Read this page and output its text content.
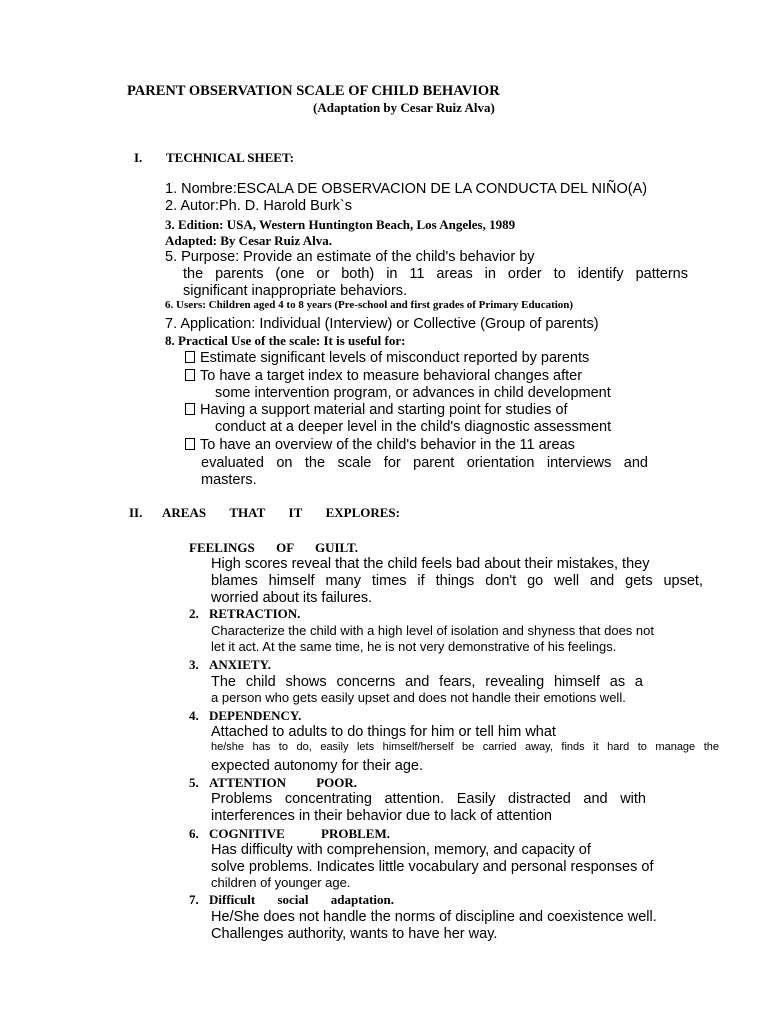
PARENT OBSERVATION SCALE OF CHILD BEHAVIOR
(Adaptation by Cesar Ruiz Alva)
I. TECHNICAL SHEET:
1. Nombre:ESCALA DE OBSERVACION DE LA CONDUCTA DEL NIÑO(A)
2. Autor:Ph. D. Harold Burk`s
3. Edition: USA, Western Huntington Beach, Los Angeles, 1989
Adapted: By Cesar Ruiz Alva.
5. Purpose: Provide an estimate of the child's behavior by
the parents (one or both) in 11 areas in order to identify patterns
significant inappropriate behaviors.
6. Users: Children aged 4 to 8 years (Pre-school and first grades of Primary Education)
7. Application: Individual (Interview) or Collective (Group of parents)
8. Practical Use of the scale: It is useful for:
Estimate significant levels of misconduct reported by parents
To have a target index to measure behavioral changes after
some intervention program, or advances in child development
Having a support material and starting point for studies of
conduct at a deeper level in the child's diagnostic assessment
To have an overview of the child's behavior in the 11 areas
evaluated on the scale for parent orientation interviews and
masters.
II. AREAS THAT IT EXPLORES:
FEELINGS OF GUILT.
High scores reveal that the child feels bad about their mistakes, they
blames himself many times if things don't go well and gets upset,
worried about its failures.
2. RETRACTION.
Characterize the child with a high level of isolation and shyness that does not
let it act. At the same time, he is not very demonstrative of his feelings.
3. ANXIETY.
The child shows concerns and fears, revealing himself as a
a person who gets easily upset and does not handle their emotions well.
4. DEPENDENCY.
Attached to adults to do things for him or tell him what
he/she has to do, easily lets himself/herself be carried away, finds it hard to manage the
expected autonomy for their age.
5. ATTENTION POOR.
Problems concentrating attention. Easily distracted and with
interferences in their behavior due to lack of attention
6. COGNITIVE PROBLEM.
Has difficulty with comprehension, memory, and capacity of
solve problems. Indicates little vocabulary and personal responses of
children of younger age.
7. Difficult social adaptation.
He/She does not handle the norms of discipline and coexistence well.
Challenges authority, wants to have her way.
